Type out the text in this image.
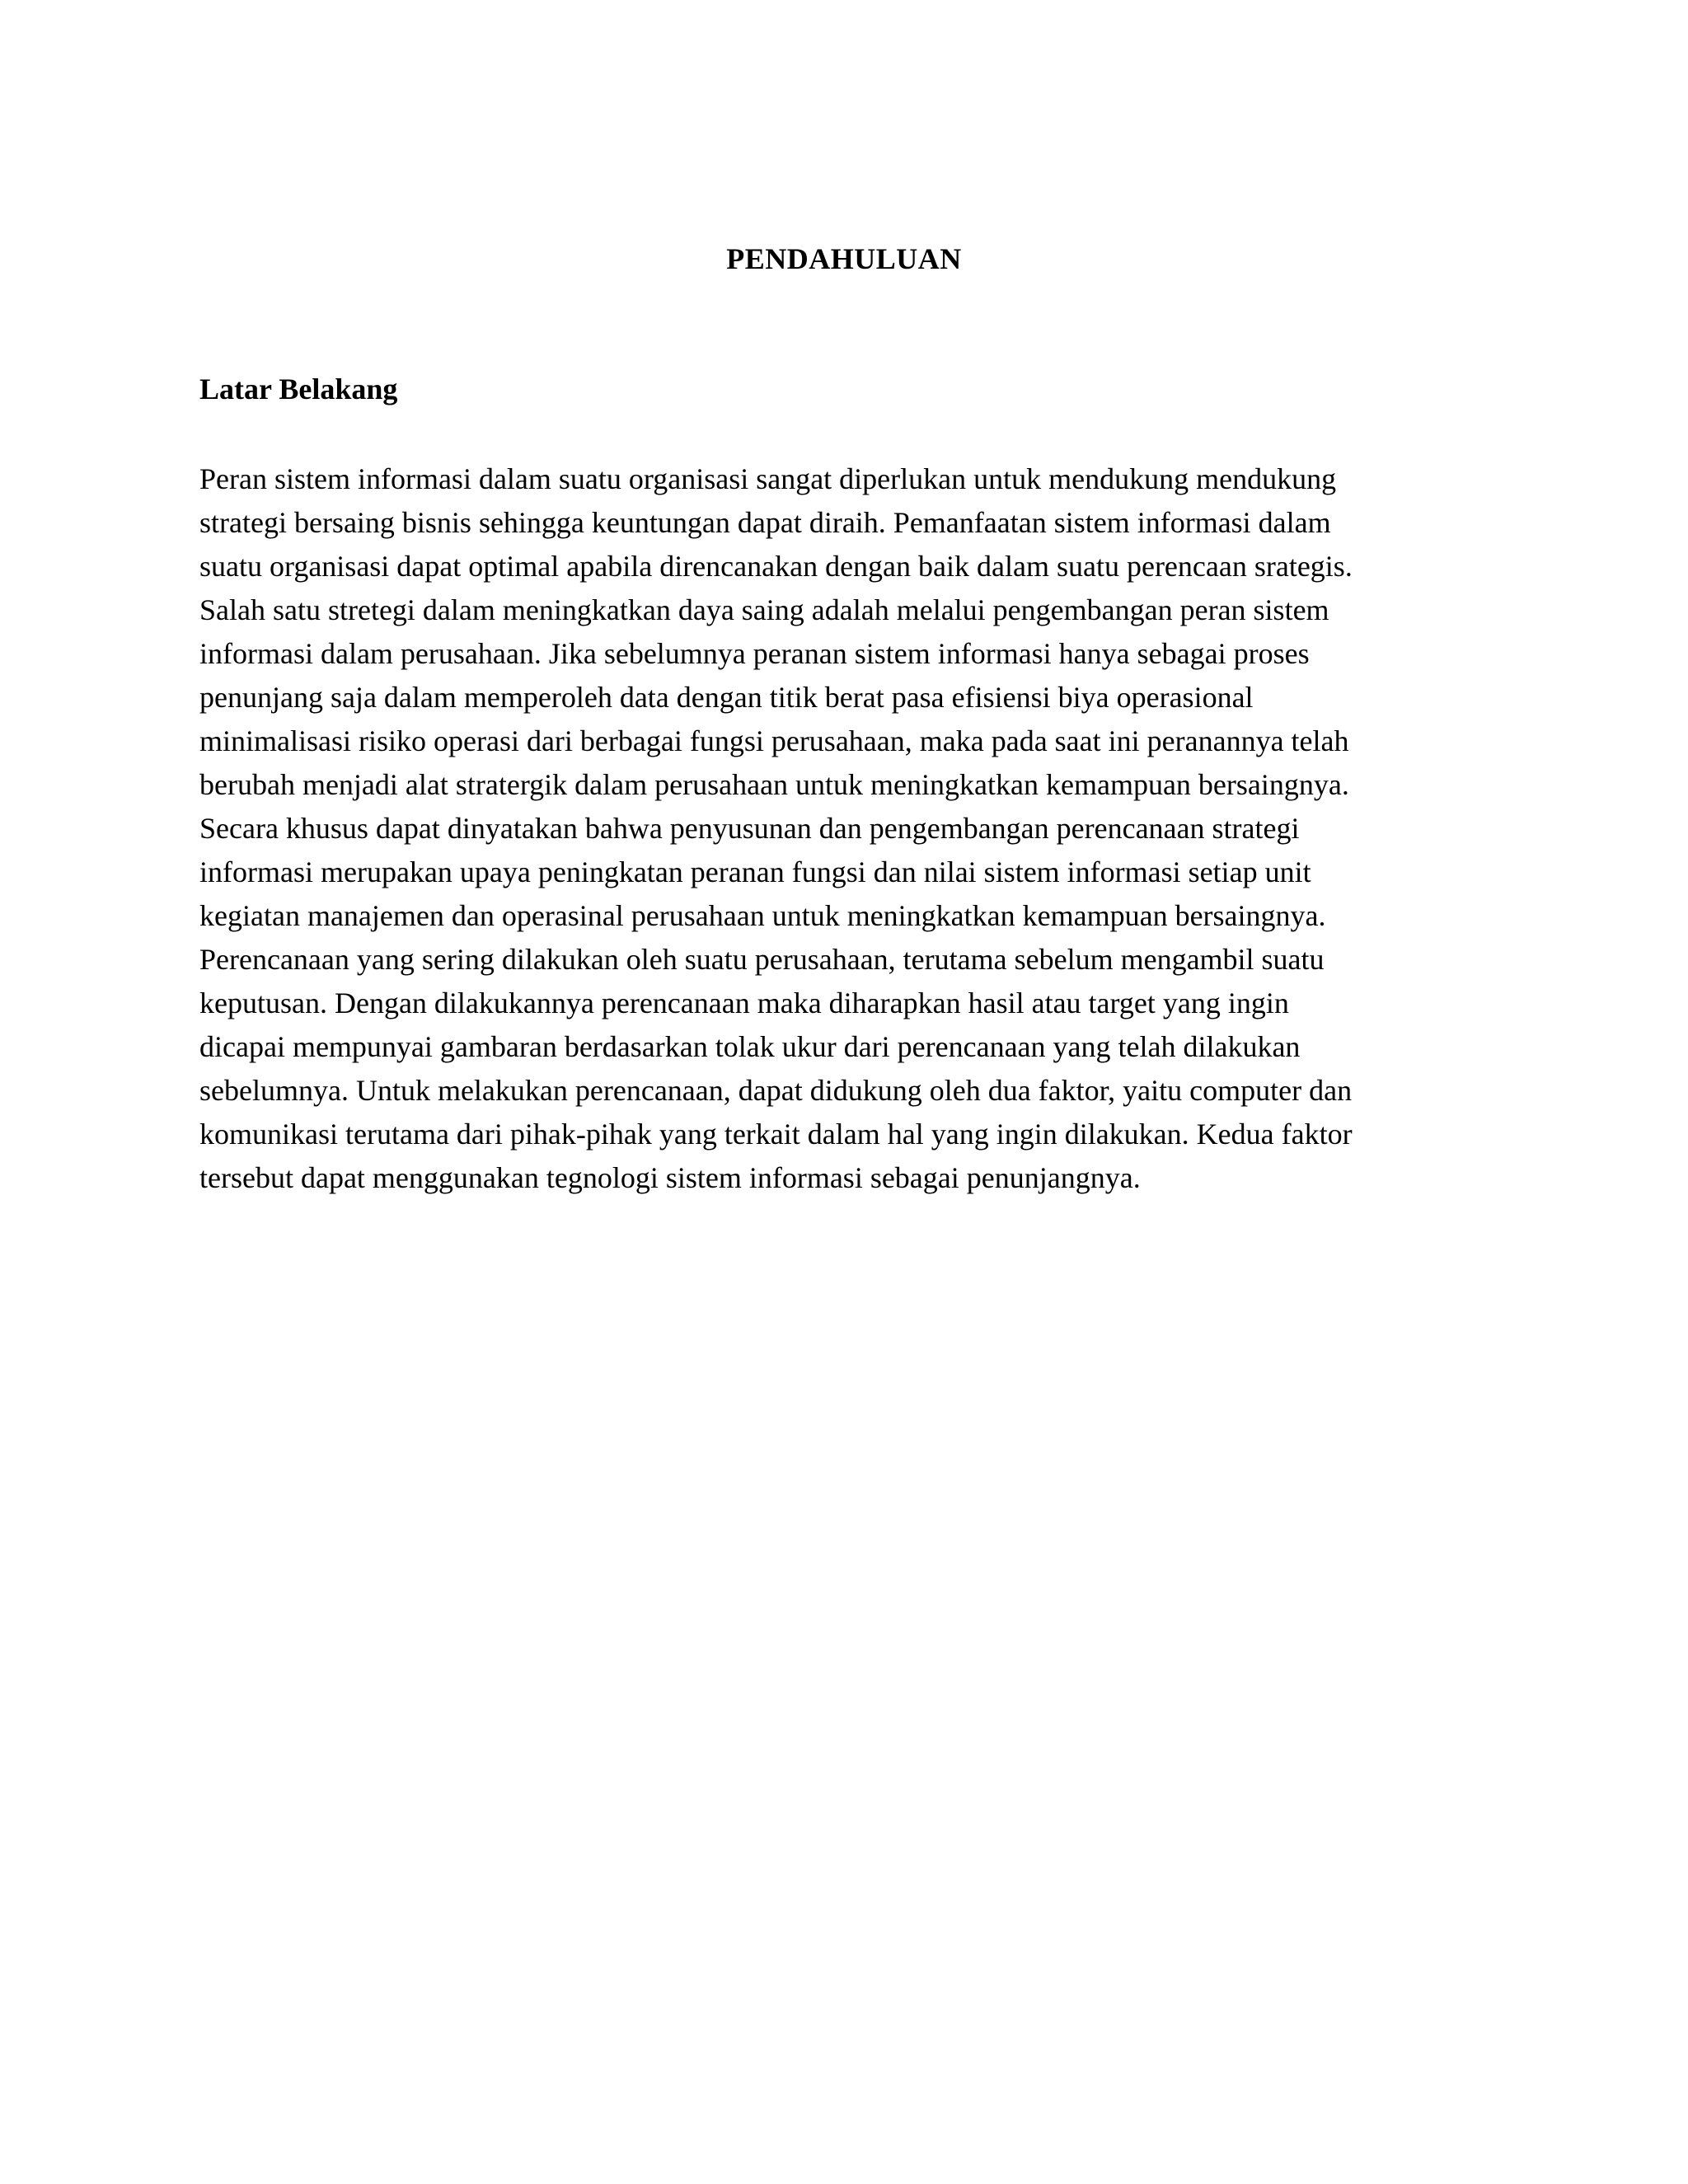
PENDAHULUAN
Latar Belakang
Peran sistem informasi dalam suatu organisasi sangat diperlukan untuk mendukung mendukung
strategi bersaing bisnis sehingga keuntungan dapat diraih. Pemanfaatan sistem informasi dalam
suatu organisasi dapat optimal apabila direncanakan dengan baik dalam suatu perencaan srategis.
Salah satu stretegi dalam meningkatkan daya saing adalah melalui pengembangan peran sistem
informasi dalam perusahaan. Jika sebelumnya peranan sistem informasi hanya sebagai proses
penunjang saja dalam memperoleh data dengan titik berat pasa efisiensi biya operasional
minimalisasi risiko operasi dari berbagai fungsi perusahaan, maka pada saat ini peranannya telah
berubah menjadi alat stratergik dalam perusahaan untuk meningkatkan kemampuan bersaingnya.
Secara khusus dapat dinyatakan bahwa penyusunan dan pengembangan perencanaan strategi
informasi merupakan upaya peningkatan peranan fungsi dan nilai sistem informasi setiap unit
kegiatan manajemen dan operasinal perusahaan untuk meningkatkan kemampuan bersaingnya.
Perencanaan yang sering dilakukan oleh suatu perusahaan, terutama sebelum mengambil suatu
keputusan. Dengan dilakukannya perencanaan maka diharapkan hasil atau target yang ingin
dicapai mempunyai gambaran berdasarkan tolak ukur dari perencanaan yang telah dilakukan
sebelumnya. Untuk melakukan perencanaan, dapat didukung oleh dua faktor, yaitu computer dan
komunikasi terutama dari pihak-pihak yang terkait dalam hal yang ingin dilakukan. Kedua faktor
tersebut dapat menggunakan tegnologi sistem informasi sebagai penunjangnya.
